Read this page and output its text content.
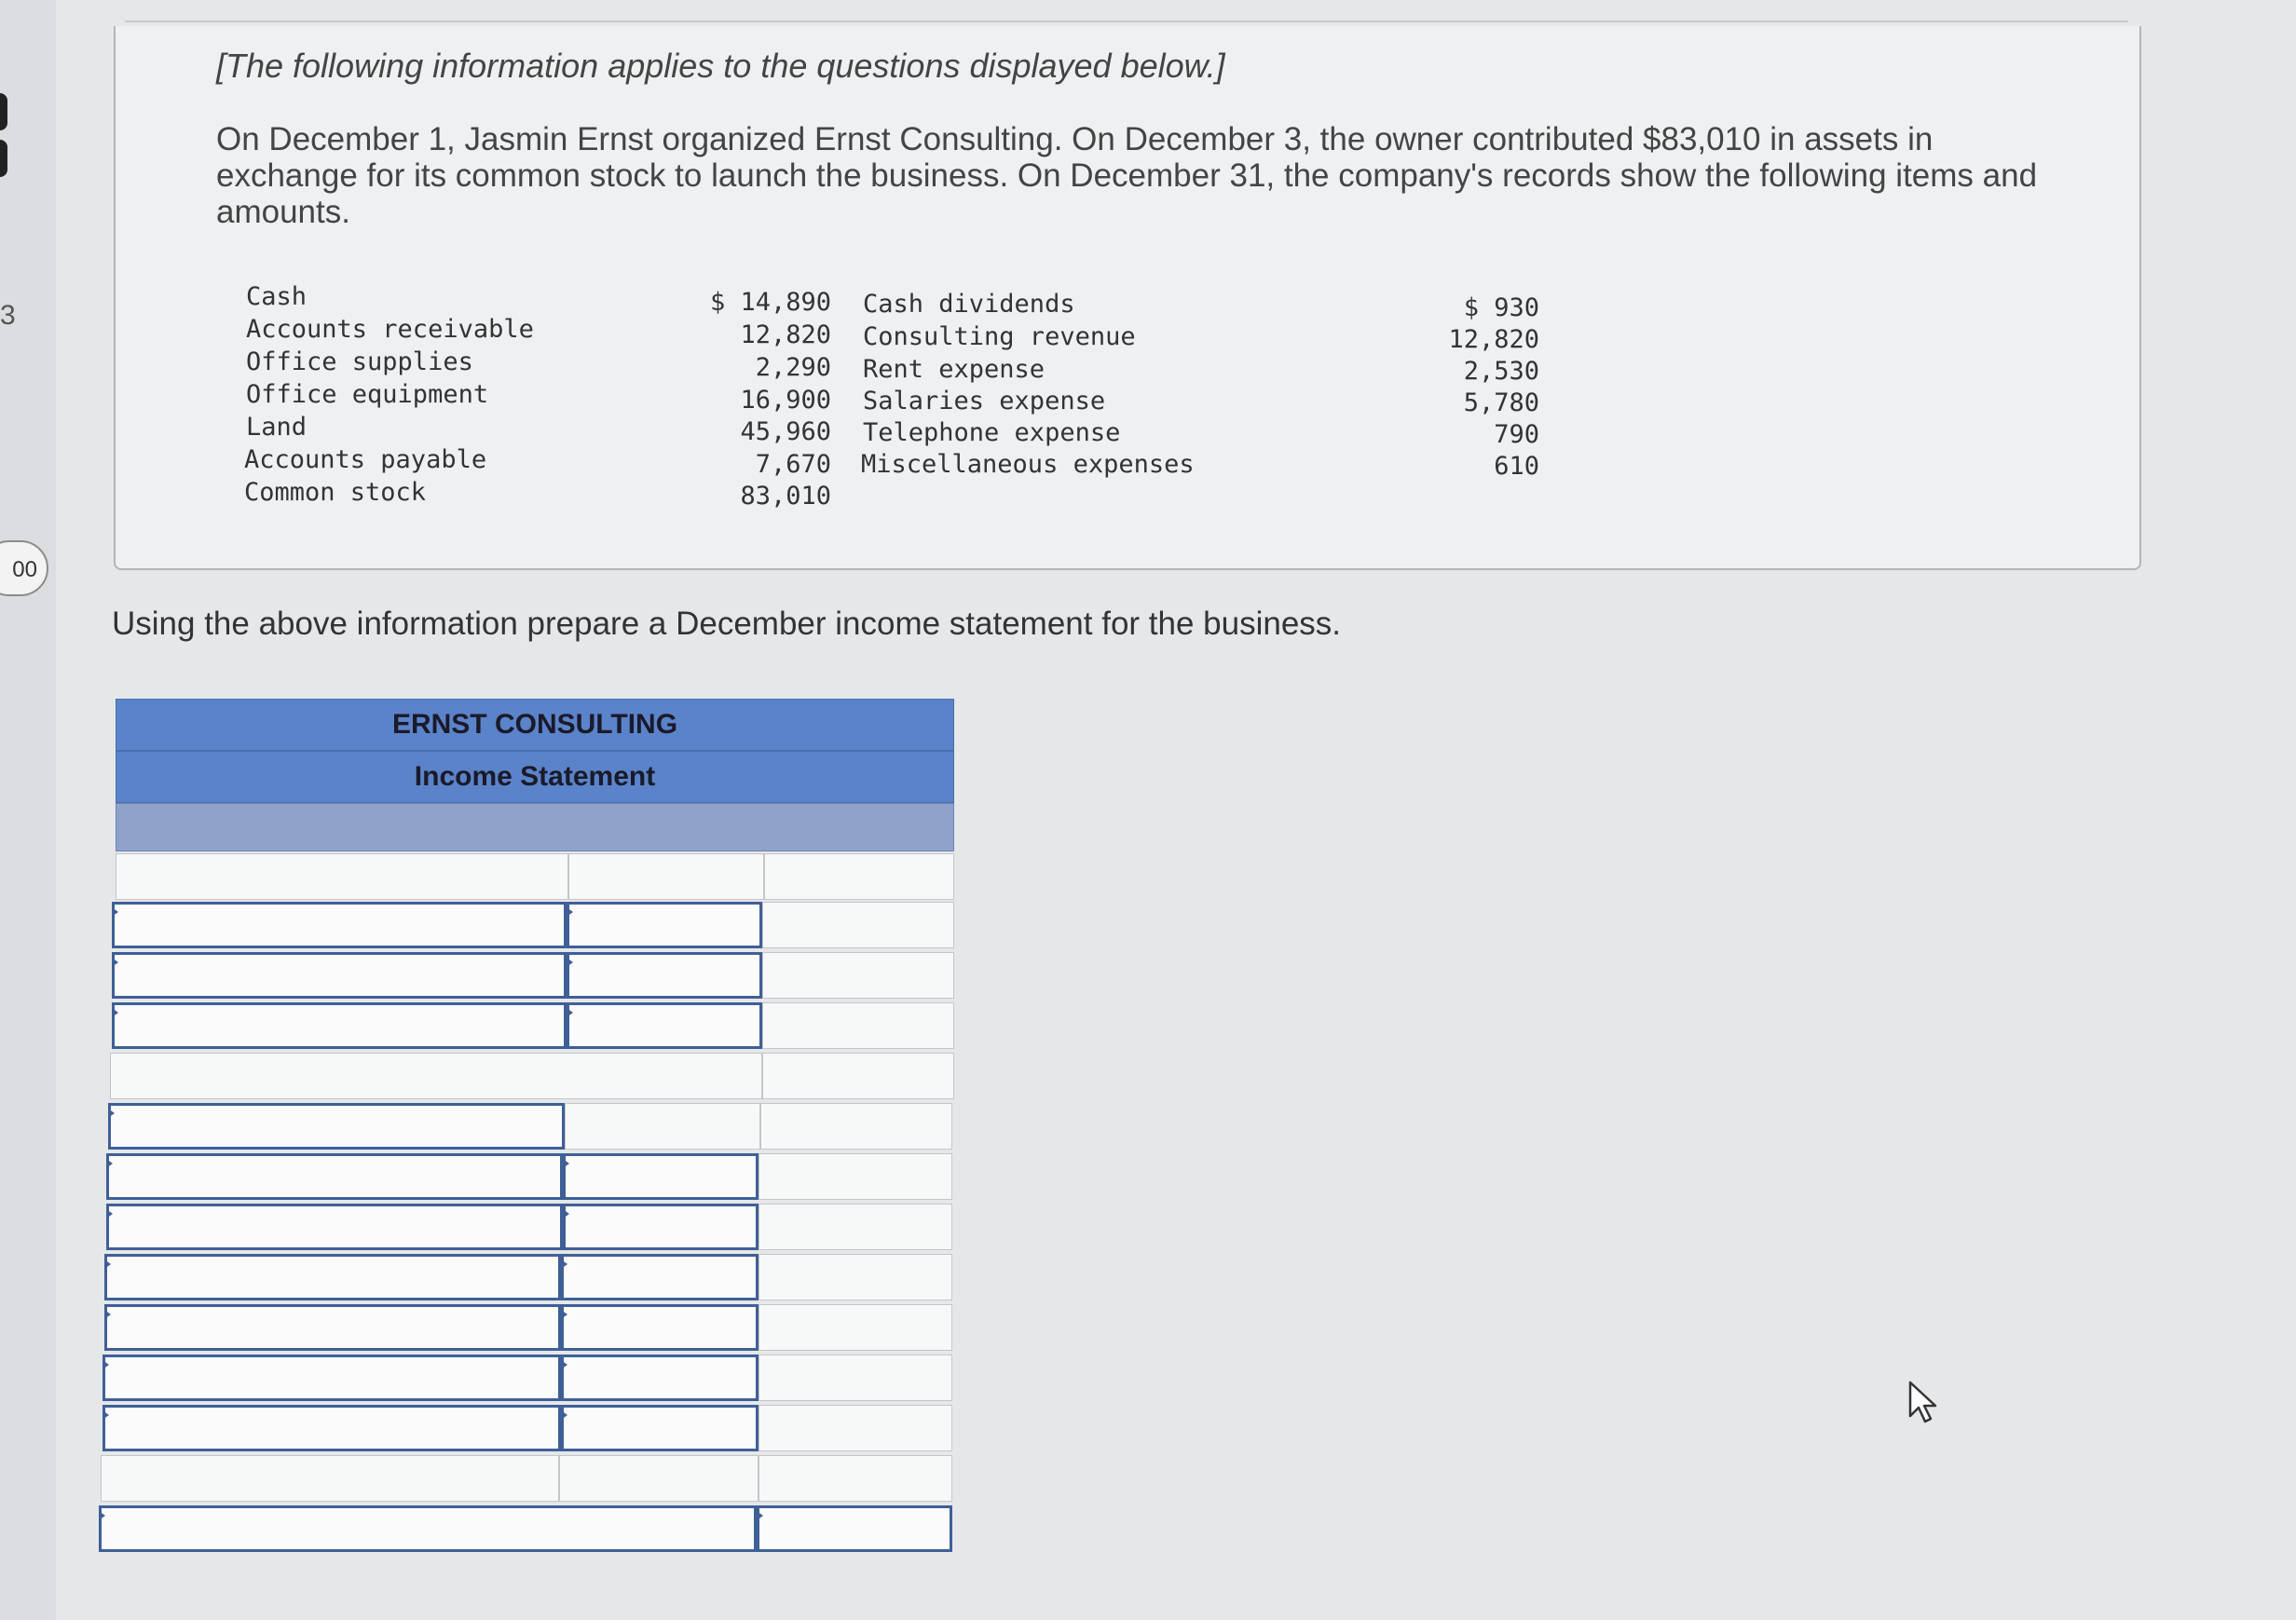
3
00
[The following information applies to the questions displayed below.]
On December 1, Jasmin Ernst organized Ernst Consulting. On December 3, the owner contributed $83,010 in assets in exchange for its common stock to launch the business. On December 31, the company's records show the following items and amounts.
Cash
Accounts receivable
Office supplies
Office equipment
Land
Accounts payable
Common stock
$ 14,890
12,820
2,290
16,900
45,960
7,670
83,010
Cash dividends
Consulting revenue
Rent expense
Salaries expense
Telephone expense
Miscellaneous expenses
$ 930
12,820
2,530
5,780
790
610
Using the above information prepare a December income statement for the business.
ERNST CONSULTING
Income Statement
